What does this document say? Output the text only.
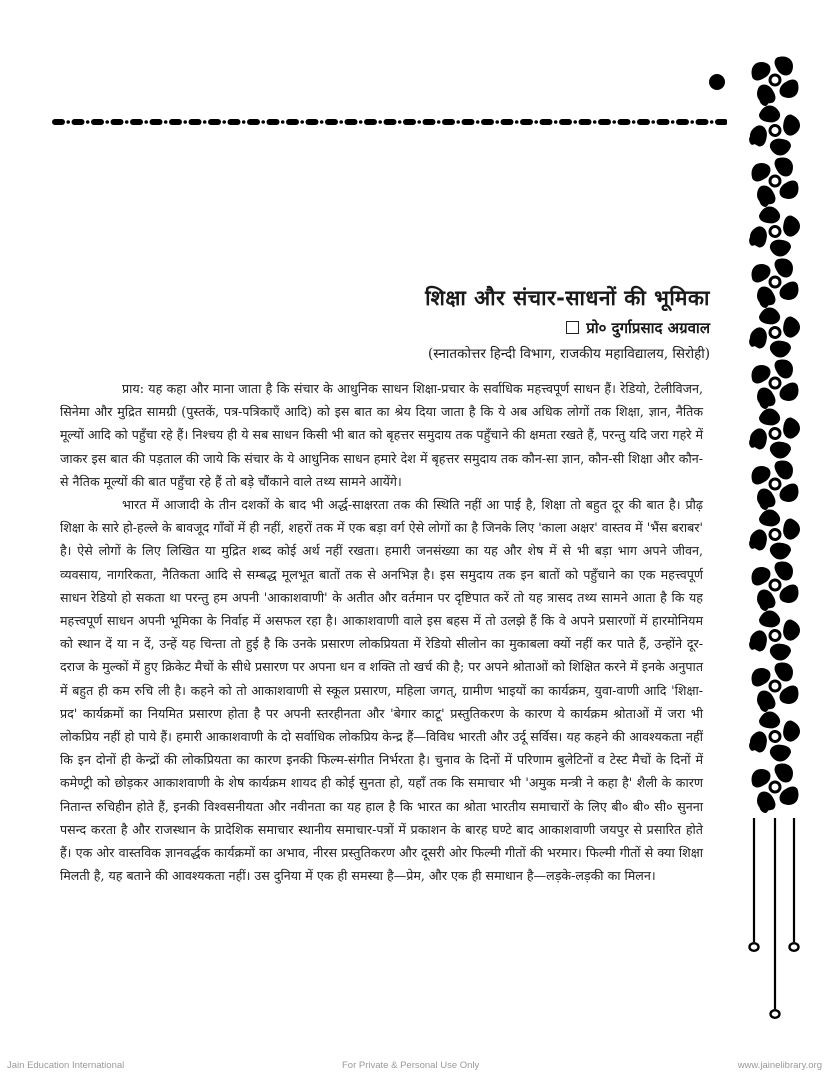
शिक्षा और संचार-साधनों की भूमिका
प्रो० दुर्गाप्रसाद अग्रवाल
(स्नातकोत्तर हिन्दी विभाग, राजकीय महाविद्यालय, सिरोही)

प्राय: यह कहा और माना जाता है कि संचार के आधुनिक साधन शिक्षा-प्रचार के सर्वाधिक महत्त्वपूर्ण साधन हैं। रेडियो, टेलीविजन, सिनेमा और मुद्रित सामग्री (पुस्तकें, पत्र-पत्रिकाएँ आदि) को इस बात का श्रेय दिया जाता है कि ये अब अधिक लोगों तक शिक्षा, ज्ञान, नैतिक मूल्यों आदि को पहुँचा रहे हैं। निश्चय ही ये सब साधन किसी भी बात को बृहत्तर समुदाय तक पहुँचाने की क्षमता रखते हैं, परन्तु यदि जरा गहरे में जाकर इस बात की पड़ताल की जाये कि संचार के ये आधुनिक साधन हमारे देश में बृहत्तर समुदाय तक कौन-सा ज्ञान, कौन-सी शिक्षा और कौन-से नैतिक मूल्यों की बात पहुँचा रहे हैं तो बड़े चौंकाने वाले तथ्य सामने आयेंगे।

भारत में आजादी के तीन दशकों के बाद भी अर्द्ध-साक्षरता तक की स्थिति नहीं आ पाई है, शिक्षा तो बहुत दूर की बात है। प्रौढ़ शिक्षा के सारे हो-हल्ले के बावजूद गाँवों में ही नहीं, शहरों तक में एक बड़ा वर्ग ऐसे लोगों का है जिनके लिए 'काला अक्षर' वास्तव में 'भैंस बराबर' है। ऐसे लोगों के लिए लिखित या मुद्रित शब्द कोई अर्थ नहीं रखता। हमारी जनसंख्या का यह और शेष में से भी बड़ा भाग अपने जीवन, व्यवसाय, नागरिकता, नैतिकता आदि से सम्बद्ध मूलभूत बातों तक से अनभिज्ञ है। इस समुदाय तक इन बातों को पहुँचाने का एक महत्त्वपूर्ण साधन रेडियो हो सकता था परन्तु हम अपनी 'आकाशवाणी' के अतीत और वर्तमान पर दृष्टिपात करें तो यह त्रासद तथ्य सामने आता है कि यह महत्त्वपूर्ण साधन अपनी भूमिका के निर्वाह में असफल रहा है। आकाशवाणी वाले इस बहस में तो उलझे हैं कि वे अपने प्रसारणों में हारमोनियम को स्थान दें या न दें, उन्हें यह चिन्ता तो हुई है कि उनके प्रसारण लोकप्रियता में रेडियो सीलोन का मुकाबला क्यों नहीं कर पाते हैं, उन्होंने दूर-दराज के मुल्कों में हुए क्रिकेट मैचों के सीधे प्रसारण पर अपना धन व शक्ति तो खर्च की है; पर अपने श्रोताओं को शिक्षित करने में इनके अनुपात में बहुत ही कम रुचि ली है। कहने को तो आकाशवाणी से स्कूल प्रसारण, महिला जगत्, ग्रामीण भाइयों का कार्यक्रम, युवा-वाणी आदि 'शिक्षा-प्रद' कार्यक्रमों का नियमित प्रसारण होता है पर अपनी स्तरहीनता और 'बेगार काटू' प्रस्तुतिकरण के कारण ये कार्यक्रम श्रोताओं में जरा भी लोकप्रिय नहीं हो पाये हैं। हमारी आकाशवाणी के दो सर्वाधिक लोकप्रिय केन्द्र हैं—विविध भारती और उर्दू सर्विस। यह कहने की आवश्यकता नहीं कि इन दोनों ही केन्द्रों की लोकप्रियता का कारण इनकी फिल्म-संगीत निर्भरता है। चुनाव के दिनों में परिणाम बुलेटिनों व टेस्ट मैचों के दिनों में कमेण्ट्री को छोड़कर आकाशवाणी के शेष कार्यक्रम शायद ही कोई सुनता हो, यहाँ तक कि समाचार भी 'अमुक मन्त्री ने कहा है' शैली के कारण नितान्त रुचिहीन होते हैं, इनकी विश्वसनीयता और नवीनता का यह हाल है कि भारत का श्रोता भारतीय समाचारों के लिए बी० बी० सी० सुनना पसन्द करता है और राजस्थान के प्रादेशिक समाचार स्थानीय समाचार-पत्रों में प्रकाशन के बारह घण्टे बाद आकाशवाणी जयपुर से प्रसारित होते हैं। एक ओर वास्तविक ज्ञानवर्द्धक कार्यक्रमों का अभाव, नीरस प्रस्तुतिकरण और दूसरी ओर फिल्मी गीतों की भरमार। फिल्मी गीतों से क्या शिक्षा मिलती है, यह बताने की आवश्यकता नहीं। उस दुनिया में एक ही समस्या है—प्रेम, और एक ही समाधान है—लड़के-लड़की का मिलन।

Jain Education International	For Private & Personal Use Only	www.jainelibrary.org
